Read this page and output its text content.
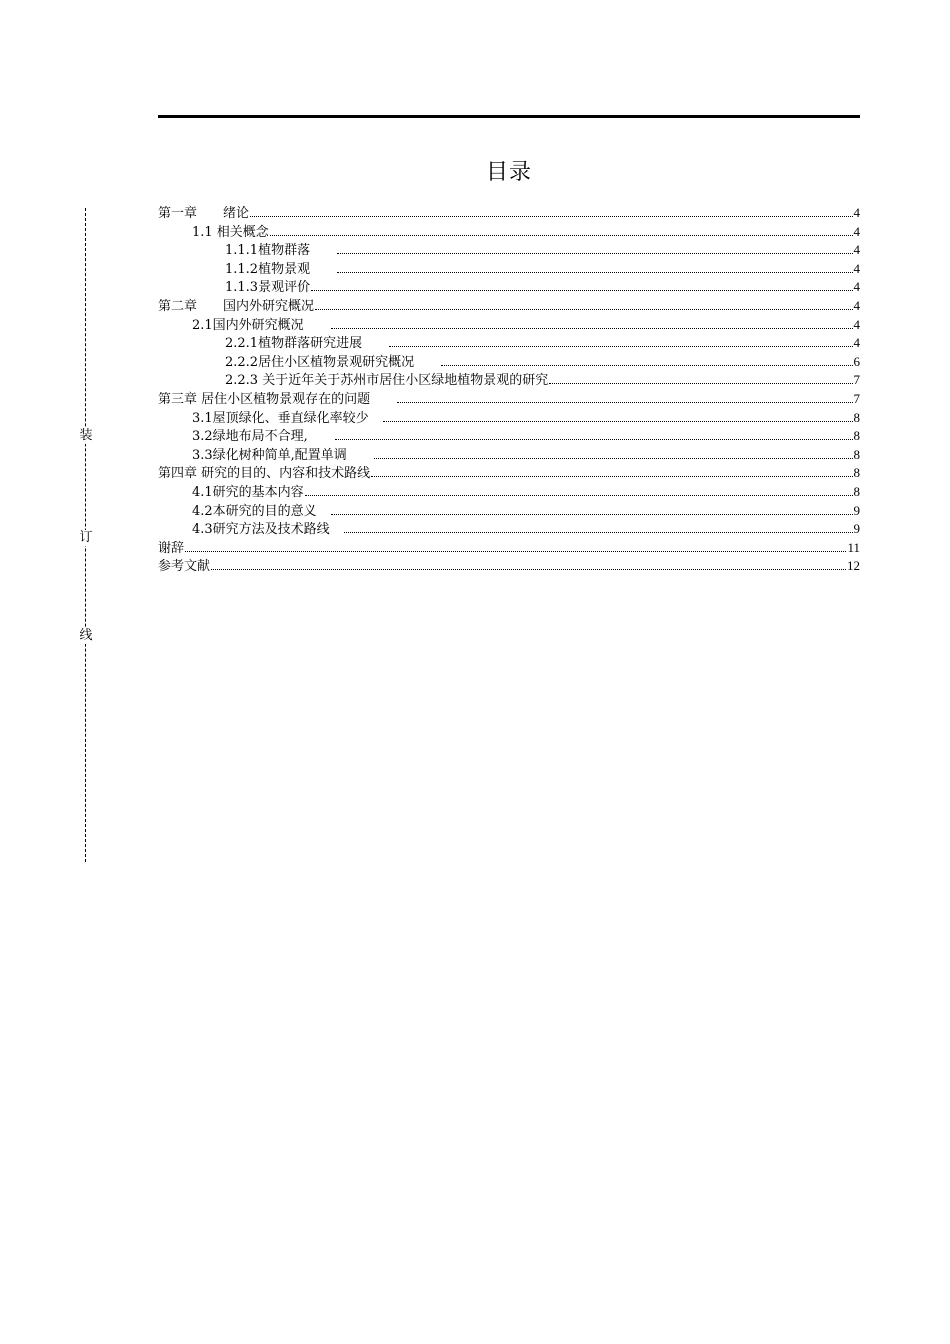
目录
装
订
线
第一章　　绪论	4
1.1 相关概念	4
1.1.1植物群落　　	4
1.1.2植物景观　　	4
1.1.3景观评价	4
第二章　　国内外研究概况	4
2.1国内外研究概况　　	4
2.2.1植物群落研究进展　　	4
2.2.2居住小区植物景观研究概况　　	6
2.2.3 关于近年关于苏州市居住小区绿地植物景观的研究	7
第三章 居住小区植物景观存在的问题　　	7
3.1屋顶绿化、垂直绿化率较少　	8
3.2绿地布局不合理,　　	8
3.3绿化树种简单,配置单调　　	8
第四章 研究的目的、内容和技术路线	8
4.1研究的基本内容	8
4.2本研究的目的意义　	9
4.3研究方法及技术路线　	9
谢辞	11
参考文献	12
